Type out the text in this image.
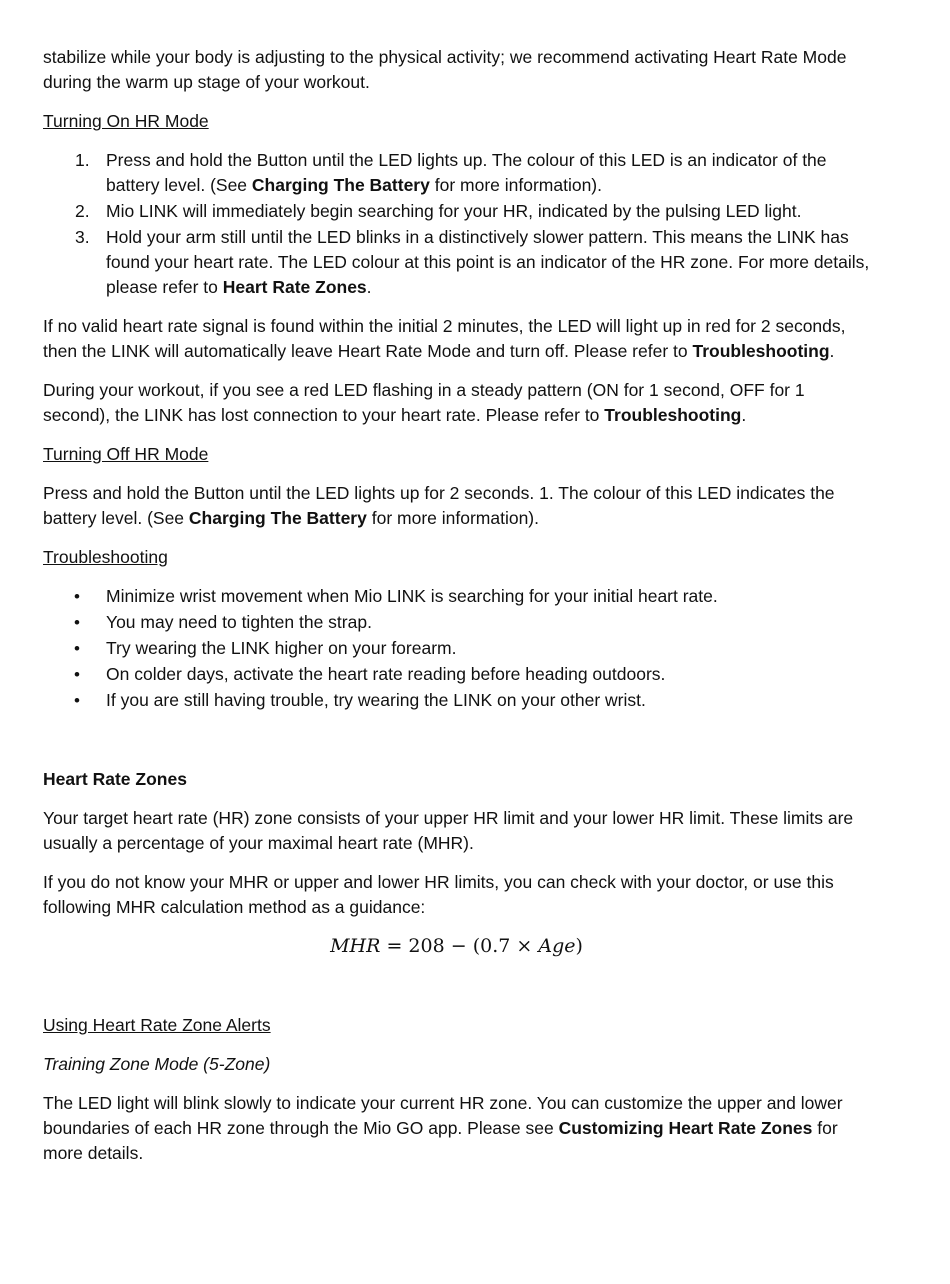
stabilize while your body is adjusting to the physical activity; we recommend activating Heart Rate Mode during the warm up stage of your workout.

Turning On HR Mode

1. Press and hold the Button until the LED lights up. The colour of this LED is an indicator of the battery level. (See Charging The Battery for more information).
2. Mio LINK will immediately begin searching for your HR, indicated by the pulsing LED light.
3. Hold your arm still until the LED blinks in a distinctively slower pattern. This means the LINK has found your heart rate. The LED colour at this point is an indicator of the HR zone. For more details, please refer to Heart Rate Zones.

If no valid heart rate signal is found within the initial 2 minutes, the LED will light up in red for 2 seconds, then the LINK will automatically leave Heart Rate Mode and turn off. Please refer to Troubleshooting.

During your workout, if you see a red LED flashing in a steady pattern (ON for 1 second, OFF for 1 second), the LINK has lost connection to your heart rate. Please refer to Troubleshooting.

Turning Off HR Mode

Press and hold the Button until the LED lights up for 2 seconds. 1. The colour of this LED indicates the battery level. (See Charging The Battery for more information).

Troubleshooting

• Minimize wrist movement when Mio LINK is searching for your initial heart rate.
• You may need to tighten the strap.
• Try wearing the LINK higher on your forearm.
• On colder days, activate the heart rate reading before heading outdoors.
• If you are still having trouble, try wearing the LINK on your other wrist.

Heart Rate Zones

Your target heart rate (HR) zone consists of your upper HR limit and your lower HR limit. These limits are usually a percentage of your maximal heart rate (MHR).

If you do not know your MHR or upper and lower HR limits, you can check with your doctor, or use this following MHR calculation method as a guidance:

MHR = 208 − (0.7 × Age)

Using Heart Rate Zone Alerts

Training Zone Mode (5-Zone)

The LED light will blink slowly to indicate your current HR zone. You can customize the upper and lower boundaries of each HR zone through the Mio GO app. Please see Customizing Heart Rate Zones for more details.
